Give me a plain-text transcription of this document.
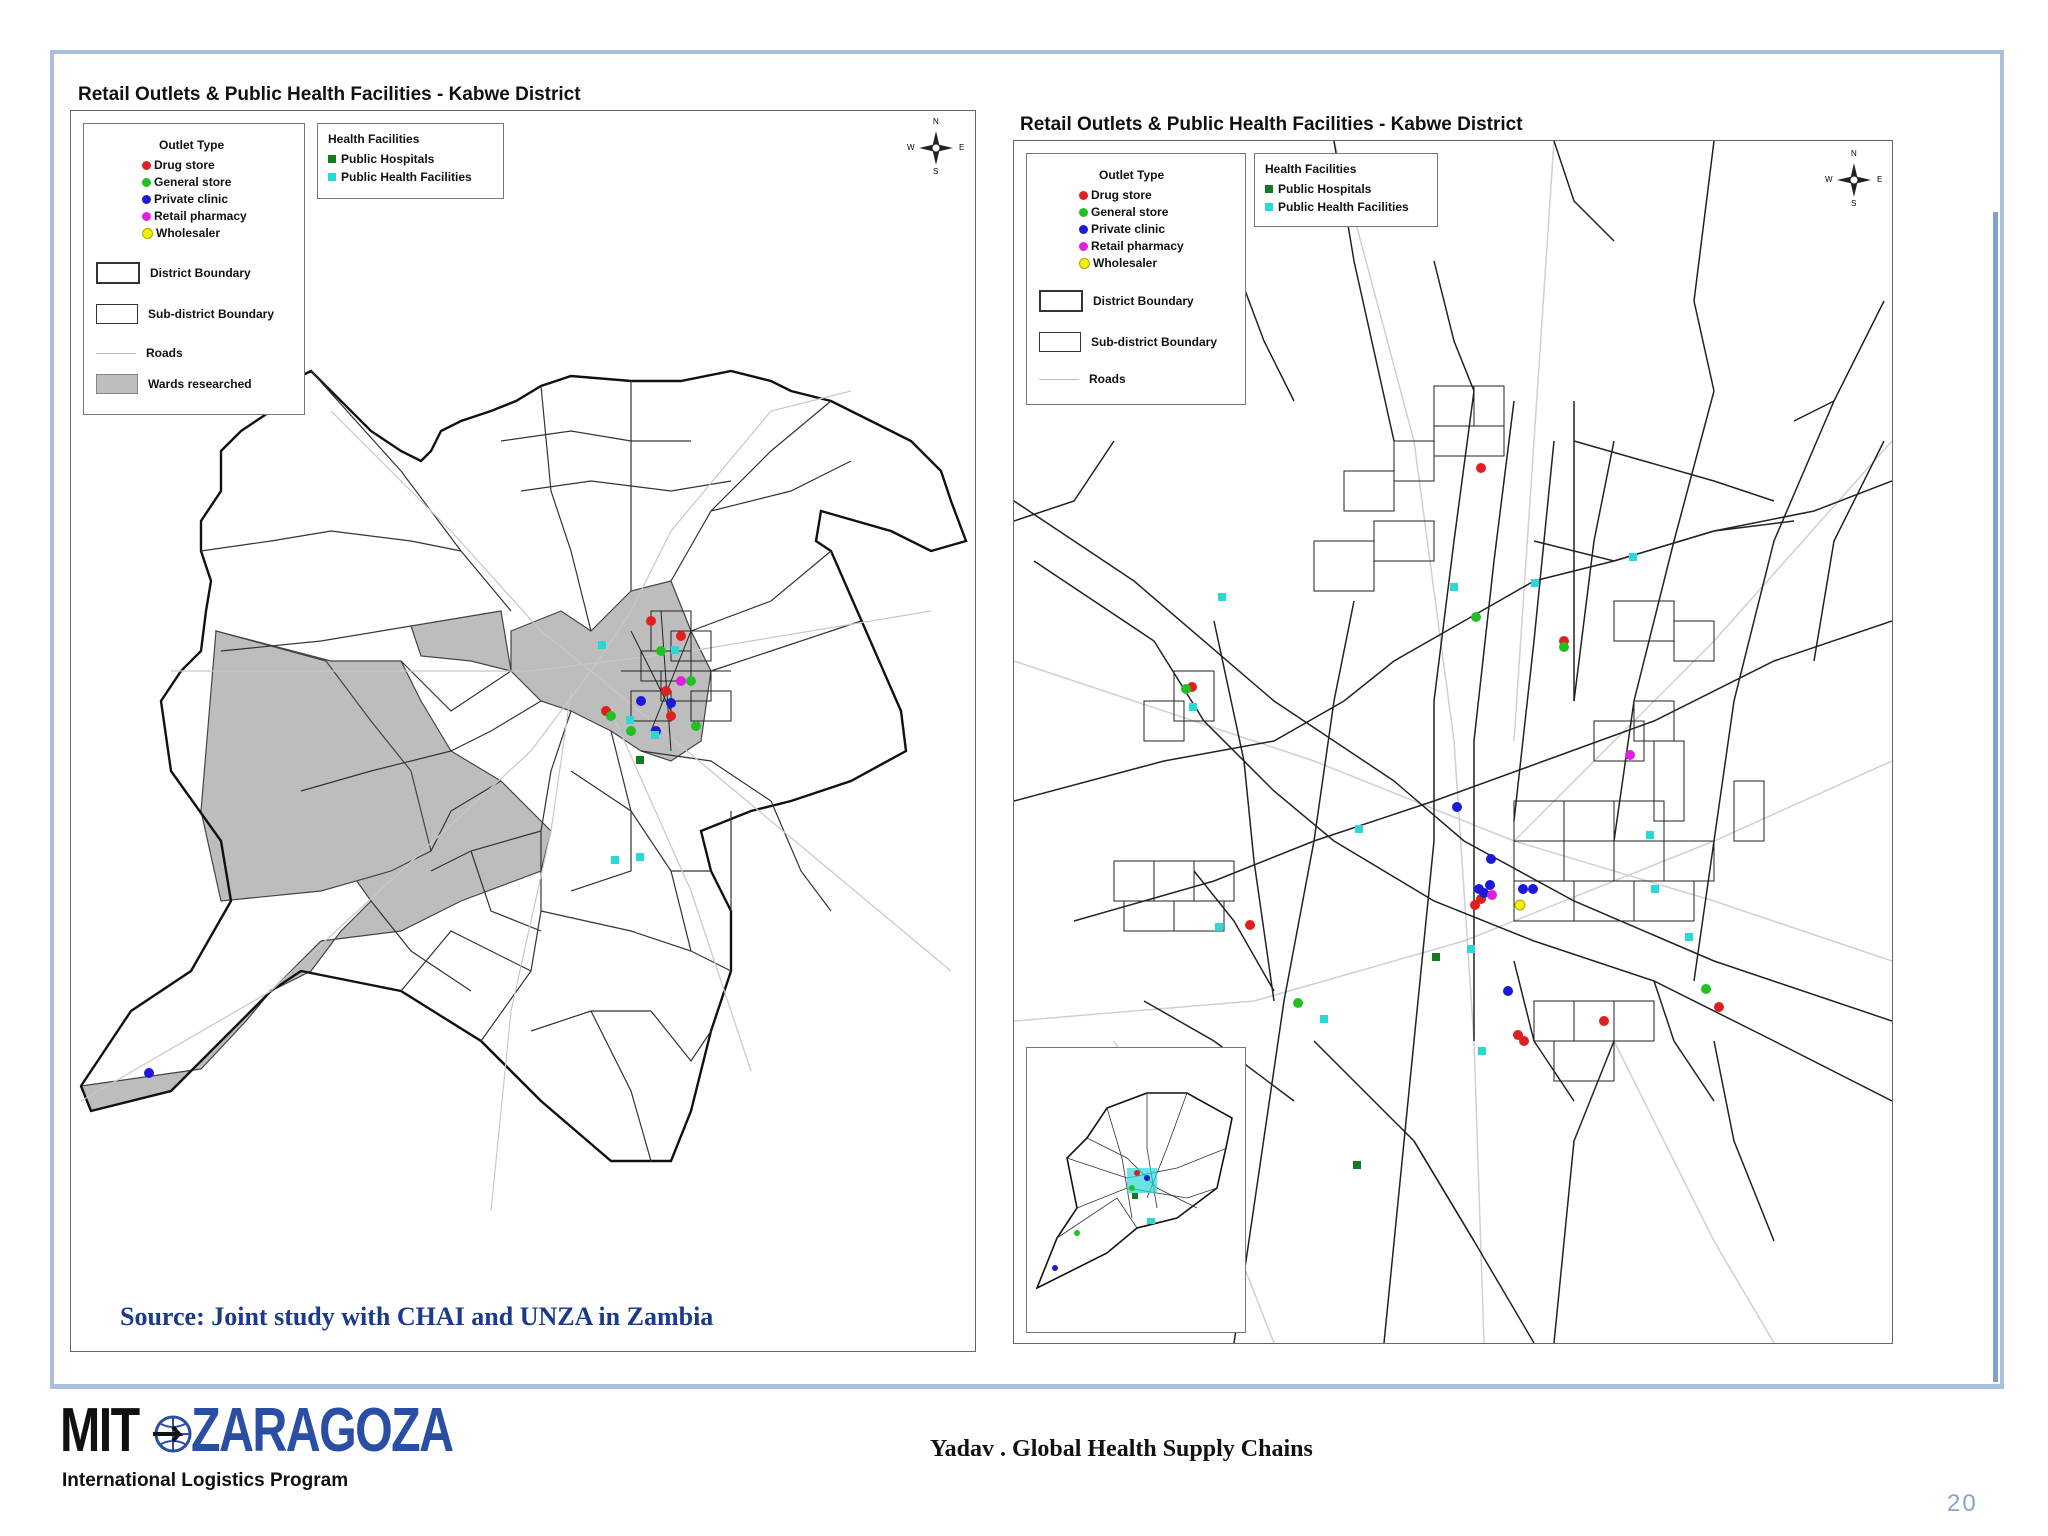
Retail Outlets & Public Health Facilities - Kabwe District
N
S
W	E
Outlet Type
Drug store
General store
Private clinic
Retail pharmacy
Wholesaler
District Boundary
Sub-district Boundary
Roads
Wards researched
Health Facilities
Public Hospitals
Public Health Facilities
Retail Outlets & Public Health Facilities - Kabwe District
N
S
W	E
Outlet Type
Drug store
General store
Private clinic
Retail pharmacy
Wholesaler
District Boundary
Sub-district Boundary
Roads
Health Facilities
Public Hospitals
Public Health Facilities
Source: Joint study with CHAI and UNZA in Zambia
MIT ZARAGOZA
International Logistics Program
Yadav . Global Health Supply Chains
20
